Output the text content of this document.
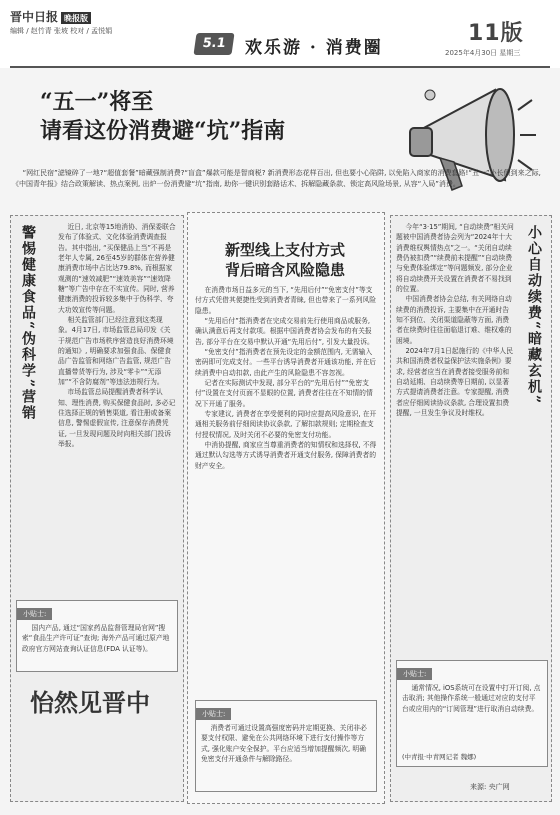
晋中日报 晚报版
编辑 / 赵竹青 张坡 校对 / 孟悦娟
5.1	欢乐游 · 消费圈
11版
2025年4月30日 星期三
“五一”将至
请看这份消费避“坑”指南
“网红民宿”滤镜碎了一地?“超值套餐”暗藏强制消费?“盲盒”爆款可能是智商税? 新消费形态花样百出, 但也要小心陷阱, 以免陷入商家的消费套路!“五一”小长假到来之际, 《中国青年报》结合政策解读、热点案例, 出炉一份消费避“坑”指南, 助你一键识别套路话术、拆解隐藏条款、锁定高风险场景, 从容“入局”消费。
警惕健康食品“伪科学”营销	近日, 北京等15地消协、消保委联合发布了体验式、文化体验消费调查报告。其中指出, “买保健品上当”不再是老年人专属, 26至45岁的群体在营养健康消费市场中占比达79.8%, 而根据家观测的“速效减肥”“速效美容”“速效降糖”等广告中存在不实宣传。同时, 营养健康消费的投诉较多集中于伪科学、夸大功效宣传等问题。

相关监管部门已经注意到这类现象。4月17日, 市场监管总局印发《关于规范广告市场秩序营造良好消费环境的通知》, 明确要求加强食品、保健食品广告监管和网络广告监管, 规范广告直播带货等行为, 涉及“零卡”“无添加”“不含防腐剂”等违法违规行为。

市场监管总局提醒消费者科学认知、理性消费, 购买保健食品时, 多必记住选择正规的销售渠道, 看注册或备案信息, 警惕虚假宣传, 注意保存消费凭证, 一旦发现问题及时向相关部门投诉举报。

小贴士:
国内产品, 通过“国家药品监督管理局官网”搜索“食品生产许可证”查询; 海外产品可通过原产地政府官方网站查询认证信息(FDA 认证等)。
怡然见晋中
新型线上支付方式
背后暗含风险隐患

在消费市场日益多元的当下, “先用后付”“免密支付”等支付方式凭借其便捷性受到消费者青睐, 但也带来了一系列风险隐患。

“先用后付”指消费者在完成交易前先行使用商品或服务, 确认满意后再支付款项。根据中国消费者协会发布的有关报告, 部分平台在交易中默认开通“先用后付”, 引发大量投诉。

“免密支付”指消费者在预先设定的金额范围内, 无需输入密码即可完成支付。一些平台诱导消费者开通该功能, 并在后续消费中自动扣款, 由此产生的风险隐患不容忽视。

记者在实际测试中发现, 部分平台的“先用后付”“免密支付”设置在支付页面不显眼的位置, 消费者往往在不知情的情况下开通了服务。

专家建议, 消费者在享受便利的同时应提高风险意识, 在开通相关服务前仔细阅读协议条款, 了解扣款规则; 定期检查支付授权情况, 及时关闭不必要的免密支付功能。

中消协提醒, 商家应当尊重消费者的知情权和选择权, 不得通过默认勾选等方式诱导消费者开通支付服务, 保障消费者的财产安全。

小贴士:
消费者可通过设置高强度密码并定期更换、关闭非必要支付权限、避免在公共网络环境下进行支付操作等方式, 强化账户安全保护。平台应适当增加提醒频次, 明确免密支付开通条件与解除路径。

今年“3·15”期间, “自动续费”相关问题被中国消费者协会列为“2024年十大消费维权舆情热点”之一。“关闭自动续费仍被扣费”“续费前未提醒”“自动续费与免费体验绑定”等问题频发, 部分企业将自动续费开关设置在消费者不易找到的位置。

中国消费者协会总结, 有关网络自动续费的消费投诉, 主要集中在开通时告知不到位、关闭渠道隐蔽等方面, 消费者在续费时往往面临退订难、维权难的困境。

2024年7月1日起施行的《中华人民共和国消费者权益保护法实施条例》要求, 经营者应当在消费者接受服务前和自动延期、自动续费等日期前, 以显著方式提请消费者注意。专家提醒, 消费者应仔细阅读协议条款, 合理设置扣费提醒, 一旦发生争议及时维权。

小心自动续费“暗藏玄机”
小贴士:
通常情况, iOS系统可在设置中打开订阅, 点击取消; 其他操作系统一般通过对应的支付平台或应用内的“订阅管理”进行取消自动续费。
(中青报·中青网记者 魏娜)
来源: 央广网
